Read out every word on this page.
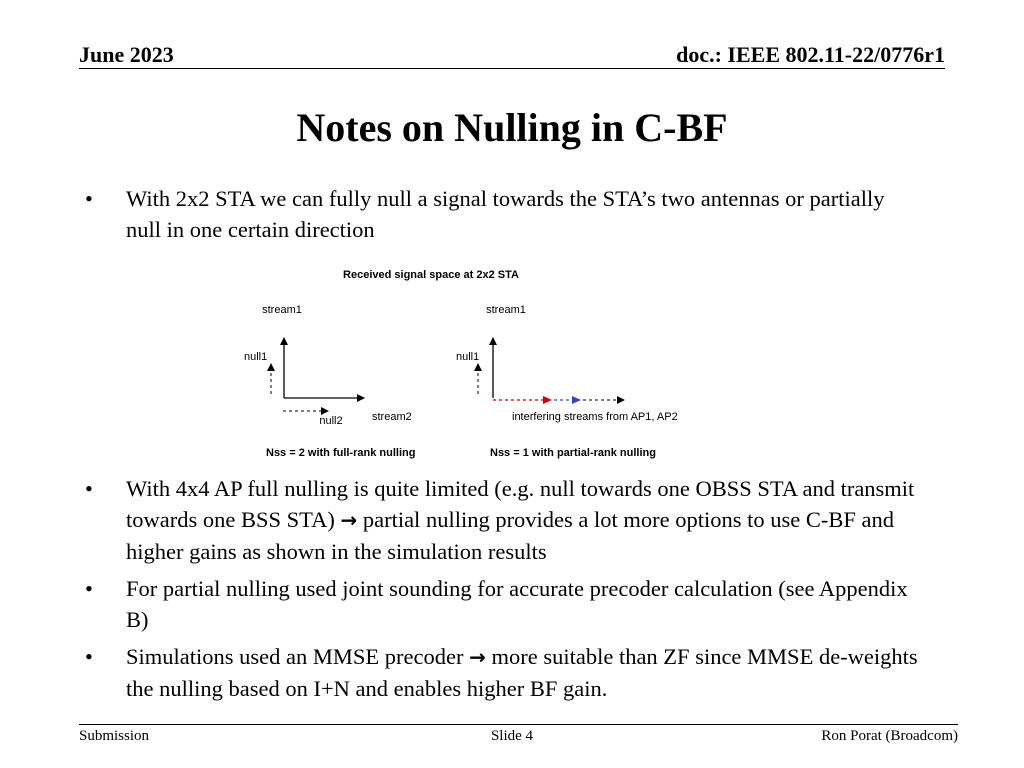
June 2023	doc.: IEEE 802.11-22/0776r1
Notes on Nulling in C-BF
• With 2x2 STA we can fully null a signal towards the STA’s two antennas or partially null in one certain direction
Received signal space at 2x2 STA
stream1
null1
null2	stream2
Nss = 2 with full-rank nulling
stream1
null1
interfering streams from AP1, AP2
Nss = 1 with partial-rank nulling
• With 4x4 AP full nulling is quite limited (e.g. null towards one OBSS STA and transmit towards one BSS STA) → partial nulling provides a lot more options to use C-BF and higher gains as shown in the simulation results
• For partial nulling used joint sounding for accurate precoder calculation (see Appendix B)
• Simulations used an MMSE precoder → more suitable than ZF since MMSE de-weights the nulling based on I+N and enables higher BF gain.
Submission	Slide 4	Ron Porat (Broadcom)
